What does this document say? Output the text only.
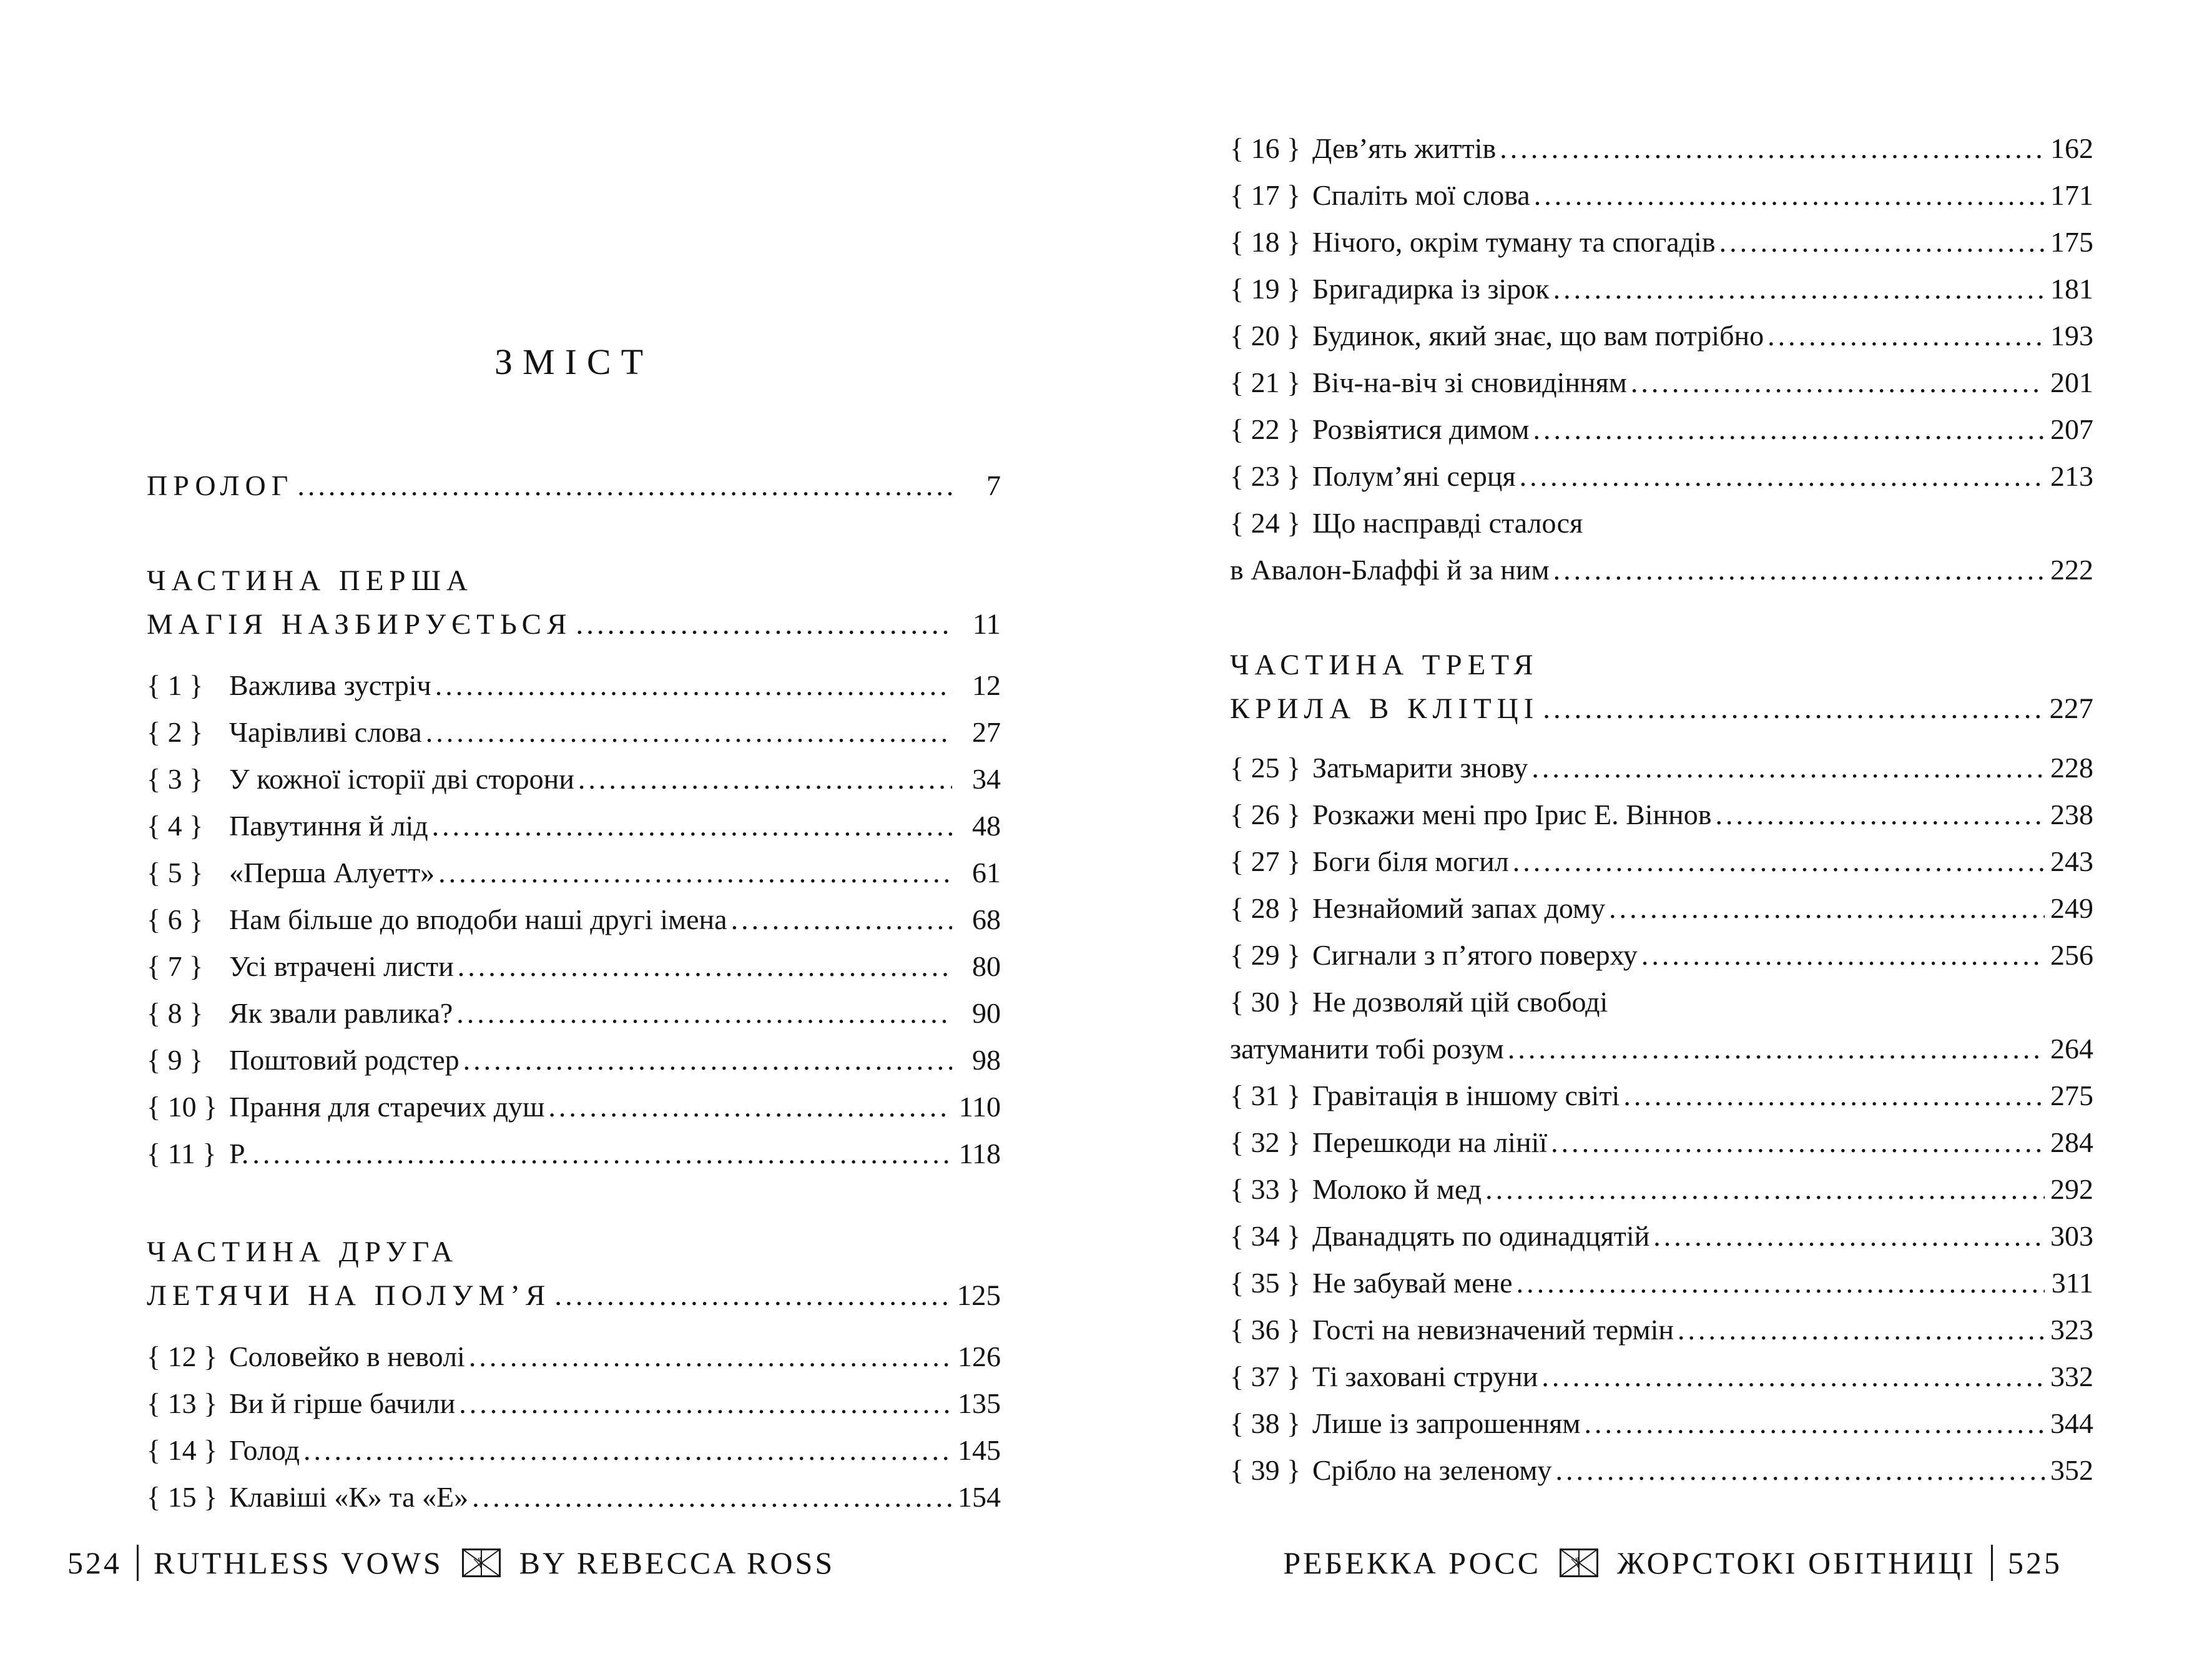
ЗМІСТ
ПРОЛОГ .....	7
ЧАСТИНА ПЕРША
МАГІЯ НАЗБИРУЄТЬСЯ .....	11
{ 1 } Важлива зустріч .....	12
{ 2 } Чарівливі слова .....	27
{ 3 } У кожної історії дві сторони .....	34
{ 4 } Павутиння й лід .....	48
{ 5 } «Перша Алуетт» .....	61
{ 6 } Нам більше до вподоби наші другі імена .....	68
{ 7 } Усі втрачені листи .....	80
{ 8 } Як звали равлика? .....	90
{ 9 } Поштовий родстер .....	98
{ 10 } Прання для старечих душ .....	110
{ 11 } Р. .....	118
ЧАСТИНА ДРУГА
ЛЕТЯЧИ НА ПОЛУМ’Я .....	125
{ 12 } Соловейко в неволі .....	126
{ 13 } Ви й гірше бачили .....	135
{ 14 } Голод .....	145
{ 15 } Клавіші «К» та «Е» .....	154
{ 16 } Дев’ять життів .....	162
{ 17 } Спаліть мої слова .....	171
{ 18 } Нічого, окрім туману та спогадів .....	175
{ 19 } Бригадирка із зірок .....	181
{ 20 } Будинок, який знає, що вам потрібно .....	193
{ 21 } Віч-на-віч зі сновидінням .....	201
{ 22 } Розвіятися димом .....	207
{ 23 } Полум’яні серця .....	213
{ 24 } Що насправді сталося
в Авалон-Блаффі й за ним .....	222
ЧАСТИНА ТРЕТЯ
КРИЛА В КЛІТЦІ .....	227
{ 25 } Затьмарити знову .....	228
{ 26 } Розкажи мені про Ірис Е. Віннов .....	238
{ 27 } Боги біля могил .....	243
{ 28 } Незнайомий запах дому .....	249
{ 29 } Сигнали з п’ятого поверху .....	256
{ 30 } Не дозволяй цій свободі
затуманити тобі розум .....	264
{ 31 } Гравітація в іншому світі .....	275
{ 32 } Перешкоди на лінії .....	284
{ 33 } Молоко й мед .....	292
{ 34 } Дванадцять по одинадцятій .....	303
{ 35 } Не забувай мене .....	311
{ 36 } Гості на невизначений термін .....	323
{ 37 } Ті заховані струни .....	332
{ 38 } Лише із запрошенням .....	344
{ 39 } Срібло на зеленому .....	352
524 RUTHLESS VOWS BY REBECCA ROSS	РЕБЕККА РОСС ЖОРСТОКІ ОБІТНИЦІ 525
